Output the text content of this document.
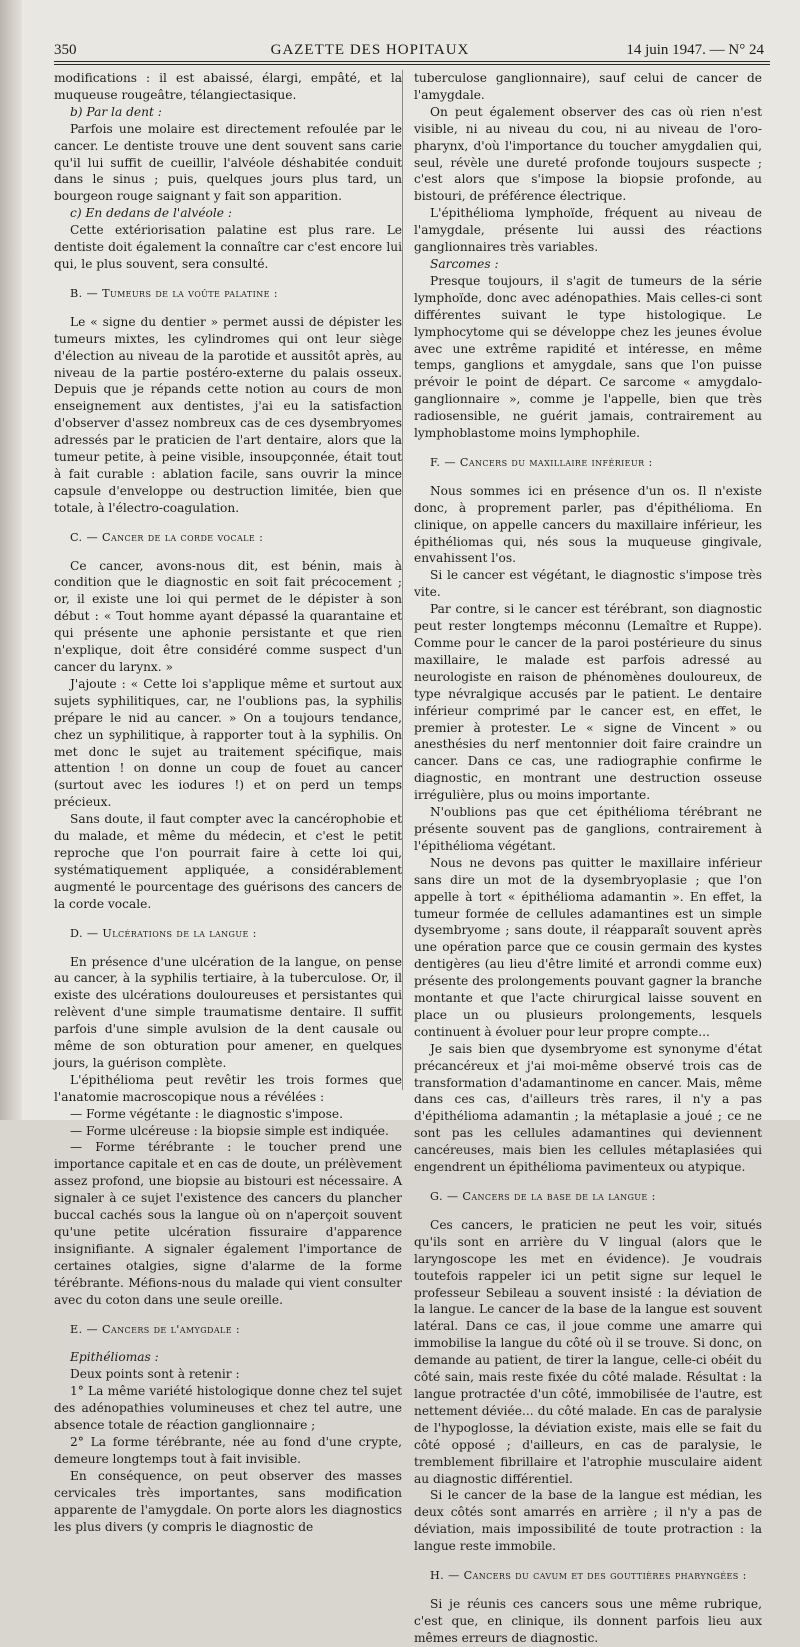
350	GAZETTE DES HOPITAUX	14 juin 1947. — N° 24

modifications : il est abaissé, élargi, empâté, et la muqueuse rougeâtre, télangiectasique.

b) Par la dent :

Parfois une molaire est directement refoulée par le cancer. Le dentiste trouve une dent souvent sans carie qu'il lui suffit de cueillir, l'alvéole déshabitée conduit dans le sinus ; puis, quelques jours plus tard, un bourgeon rouge saignant y fait son apparition.

c) En dedans de l'alvéole :

Cette extériorisation palatine est plus rare. Le dentiste doit également la connaître car c'est encore lui qui, le plus souvent, sera consulté.

B. — Tumeurs de la voûte palatine :

Le « signe du dentier » permet aussi de dépister les tumeurs mixtes, les cylindromes qui ont leur siège d'élection au niveau de la parotide et aussitôt après, au niveau de la partie postéro-externe du palais osseux. Depuis que je répands cette notion au cours de mon enseignement aux dentistes, j'ai eu la satisfaction d'observer d'assez nombreux cas de ces dysembryomes adressés par le praticien de l'art dentaire, alors que la tumeur petite, à peine visible, insoupçonnée, était tout à fait curable : ablation facile, sans ouvrir la mince capsule d'enveloppe ou destruction limitée, bien que totale, à l'électro-coagulation.

C. — Cancer de la corde vocale :

Ce cancer, avons-nous dit, est bénin, mais à condition que le diagnostic en soit fait précocement ; or, il existe une loi qui permet de le dépister à son début : « Tout homme ayant dépassé la quarantaine et qui présente une aphonie persistante et que rien n'explique, doit être considéré comme suspect d'un cancer du larynx. »

J'ajoute : « Cette loi s'applique même et surtout aux sujets syphilitiques, car, ne l'oublions pas, la syphilis prépare le nid au cancer. » On a toujours tendance, chez un syphilitique, à rapporter tout à la syphilis. On met donc le sujet au traitement spécifique, mais attention ! on donne un coup de fouet au cancer (surtout avec les iodures !) et on perd un temps précieux.

Sans doute, il faut compter avec la cancérophobie et du malade, et même du médecin, et c'est le petit reproche que l'on pourrait faire à cette loi qui, systématiquement appliquée, a considérablement augmenté le pourcentage des guérisons des cancers de la corde vocale.

D. — Ulcérations de la langue :

En présence d'une ulcération de la langue, on pense au cancer, à la syphilis tertiaire, à la tuberculose. Or, il existe des ulcérations douloureuses et persistantes qui relèvent d'une simple traumatisme dentaire. Il suffit parfois d'une simple avulsion de la dent causale ou même de son obturation pour amener, en quelques jours, la guérison complète.

L'épithélioma peut revêtir les trois formes que l'anatomie macroscopique nous a révélées :

— Forme végétante : le diagnostic s'impose.

— Forme ulcéreuse : la biopsie simple est indiquée.

— Forme térébrante : le toucher prend une importance capitale et en cas de doute, un prélèvement assez profond, une biopsie au bistouri est nécessaire. A signaler à ce sujet l'existence des cancers du plancher buccal cachés sous la langue où on n'aperçoit souvent qu'une petite ulcération fissuraire d'apparence insignifiante. A signaler également l'importance de certaines otalgies, signe d'alarme de la forme térébrante. Méfions-nous du malade qui vient consulter avec du coton dans une seule oreille.

E. — Cancers de l'amygdale :

Epithéliomas :

Deux points sont à retenir :

1° La même variété histologique donne chez tel sujet des adénopathies volumineuses et chez tel autre, une absence totale de réaction ganglionnaire ;

2° La forme térébrante, née au fond d'une crypte, demeure longtemps tout à fait invisible.

En conséquence, on peut observer des masses cervicales très importantes, sans modification apparente de l'amygdale. On porte alors les diagnostics les plus divers (y compris le diagnostic de

tuberculose ganglionnaire), sauf celui de cancer de l'amygdale.

On peut également observer des cas où rien n'est visible, ni au niveau du cou, ni au niveau de l'oro-pharynx, d'où l'importance du toucher amygdalien qui, seul, révèle une dureté profonde toujours suspecte ; c'est alors que s'impose la biopsie profonde, au bistouri, de préférence électrique.

L'épithélioma lymphoïde, fréquent au niveau de l'amygdale, présente lui aussi des réactions ganglionnaires très variables.

Sarcomes :

Presque toujours, il s'agit de tumeurs de la série lymphoïde, donc avec adénopathies. Mais celles-ci sont différentes suivant le type histologique. Le lymphocytome qui se développe chez les jeunes évolue avec une extrême rapidité et intéresse, en même temps, ganglions et amygdale, sans que l'on puisse prévoir le point de départ. Ce sarcome « amygdalo-ganglionnaire », comme je l'appelle, bien que très radiosensible, ne guérit jamais, contrairement au lymphoblastome moins lymphophile.

F. — Cancers du maxillaire inférieur :

Nous sommes ici en présence d'un os. Il n'existe donc, à proprement parler, pas d'épithélioma. En clinique, on appelle cancers du maxillaire inférieur, les épithéliomas qui, nés sous la muqueuse gingivale, envahissent l'os.

Si le cancer est végétant, le diagnostic s'impose très vite.

Par contre, si le cancer est térébrant, son diagnostic peut rester longtemps méconnu (Lemaître et Ruppe). Comme pour le cancer de la paroi postérieure du sinus maxillaire, le malade est parfois adressé au neurologiste en raison de phénomènes douloureux, de type névralgique accusés par le patient. Le dentaire inférieur comprimé par le cancer est, en effet, le premier à protester. Le « signe de Vincent » ou anesthésies du nerf mentonnier doit faire craindre un cancer. Dans ce cas, une radiographie confirme le diagnostic, en montrant une destruction osseuse irrégulière, plus ou moins importante.

N'oublions pas que cet épithélioma térébrant ne présente souvent pas de ganglions, contrairement à l'épithélioma végétant.

Nous ne devons pas quitter le maxillaire inférieur sans dire un mot de la dysembryoplasie ; que l'on appelle à tort « épithélioma adamantin ». En effet, la tumeur formée de cellules adamantines est un simple dysembryome ; sans doute, il réapparaît souvent après une opération parce que ce cousin germain des kystes dentigères (au lieu d'être limité et arrondi comme eux) présente des prolongements pouvant gagner la branche montante et que l'acte chirurgical laisse souvent en place un ou plusieurs prolongements, lesquels continuent à évoluer pour leur propre compte...

Je sais bien que dysembryome est synonyme d'état précancéreux et j'ai moi-même observé trois cas de transformation d'adamantinome en cancer. Mais, même dans ces cas, d'ailleurs très rares, il n'y a pas d'épithélioma adamantin ; la métaplasie a joué ; ce ne sont pas les cellules adamantines qui deviennent cancéreuses, mais bien les cellules métaplasiées qui engendrent un épithélioma pavimenteux ou atypique.

G. — Cancers de la base de la langue :

Ces cancers, le praticien ne peut les voir, situés qu'ils sont en arrière du V lingual (alors que le laryngoscope les met en évidence). Je voudrais toutefois rappeler ici un petit signe sur lequel le professeur Sebileau a souvent insisté : la déviation de la langue. Le cancer de la base de la langue est souvent latéral. Dans ce cas, il joue comme une amarre qui immobilise la langue du côté où il se trouve. Si donc, on demande au patient, de tirer la langue, celle-ci obéit du côté sain, mais reste fixée du côté malade. Résultat : la langue protractée d'un côté, immobilisée de l'autre, est nettement déviée... du côté malade. En cas de paralysie de l'hypoglosse, la déviation existe, mais elle se fait du côté opposé ; d'ailleurs, en cas de paralysie, le tremblement fibrillaire et l'atrophie musculaire aident au diagnostic différentiel.

Si le cancer de la base de la langue est médian, les deux côtés sont amarrés en arrière ; il n'y a pas de déviation, mais impossibilité de toute protraction : la langue reste immobile.

H. — Cancers du cavum et des gouttières pharyngées :

Si je réunis ces cancers sous une même rubrique, c'est que, en clinique, ils donnent parfois lieu aux mêmes erreurs de diagnostic.
